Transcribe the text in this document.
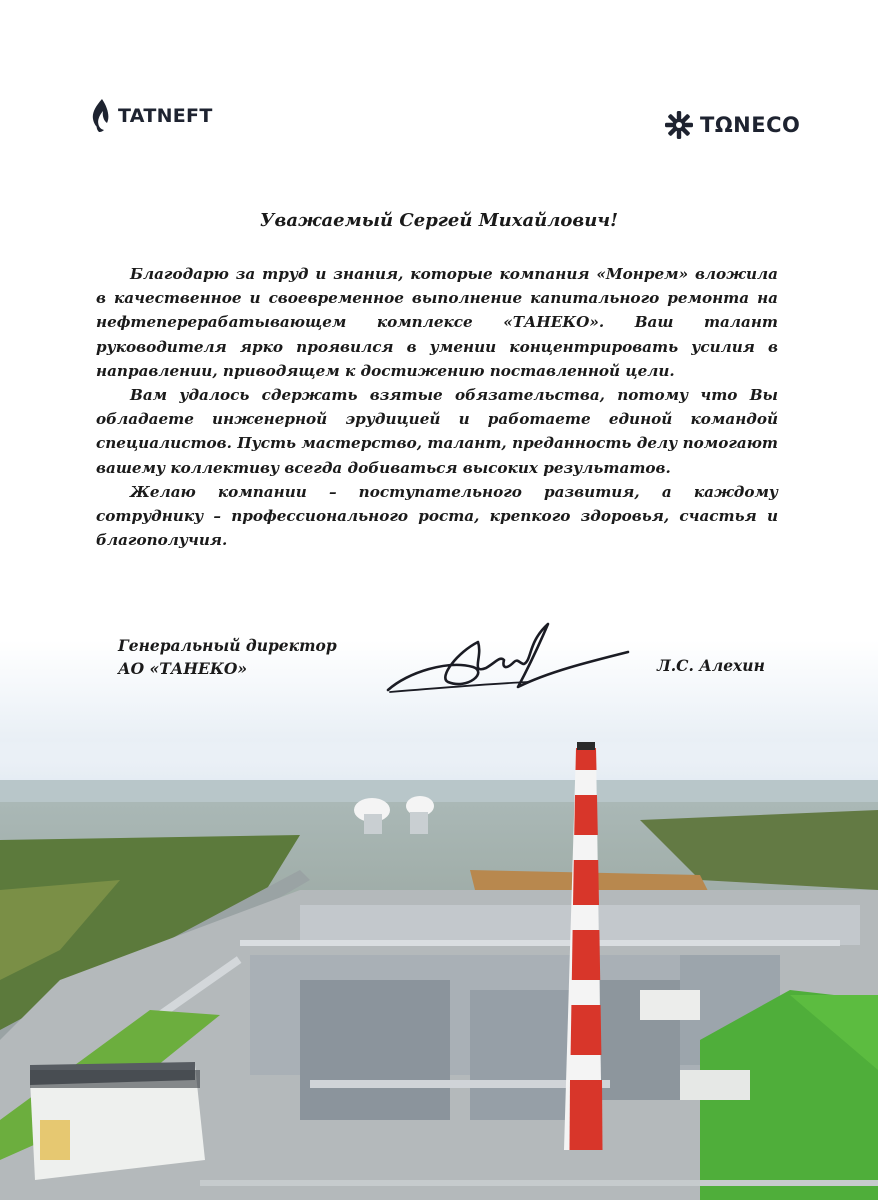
TATNEFT	TΩNECO
Уважаемый Сергей Михайлович!

Благодарю за труд и знания, которые компания «Монрем» вложила в качественное и своевременное выполнение капитального ремонта на нефтеперерабатывающем комплексе «ТАНЕКО». Ваш талант руководителя ярко проявился в умении концентрировать усилия в направлении, приводящем к достижению поставленной цели.

Вам удалось сдержать взятые обязательства, потому что Вы обладаете инженерной эрудицией и работаете единой командой специалистов. Пусть мастерство, талант, преданность делу помогают вашему коллективу всегда добиваться высоких результатов.

Желаю компании – поступательного развития, а каждому сотруднику – профессионального роста, крепкого здоровья, счастья и благополучия.

Генеральный директор
АО «ТАНЕКО»	Л.С. Алехин
